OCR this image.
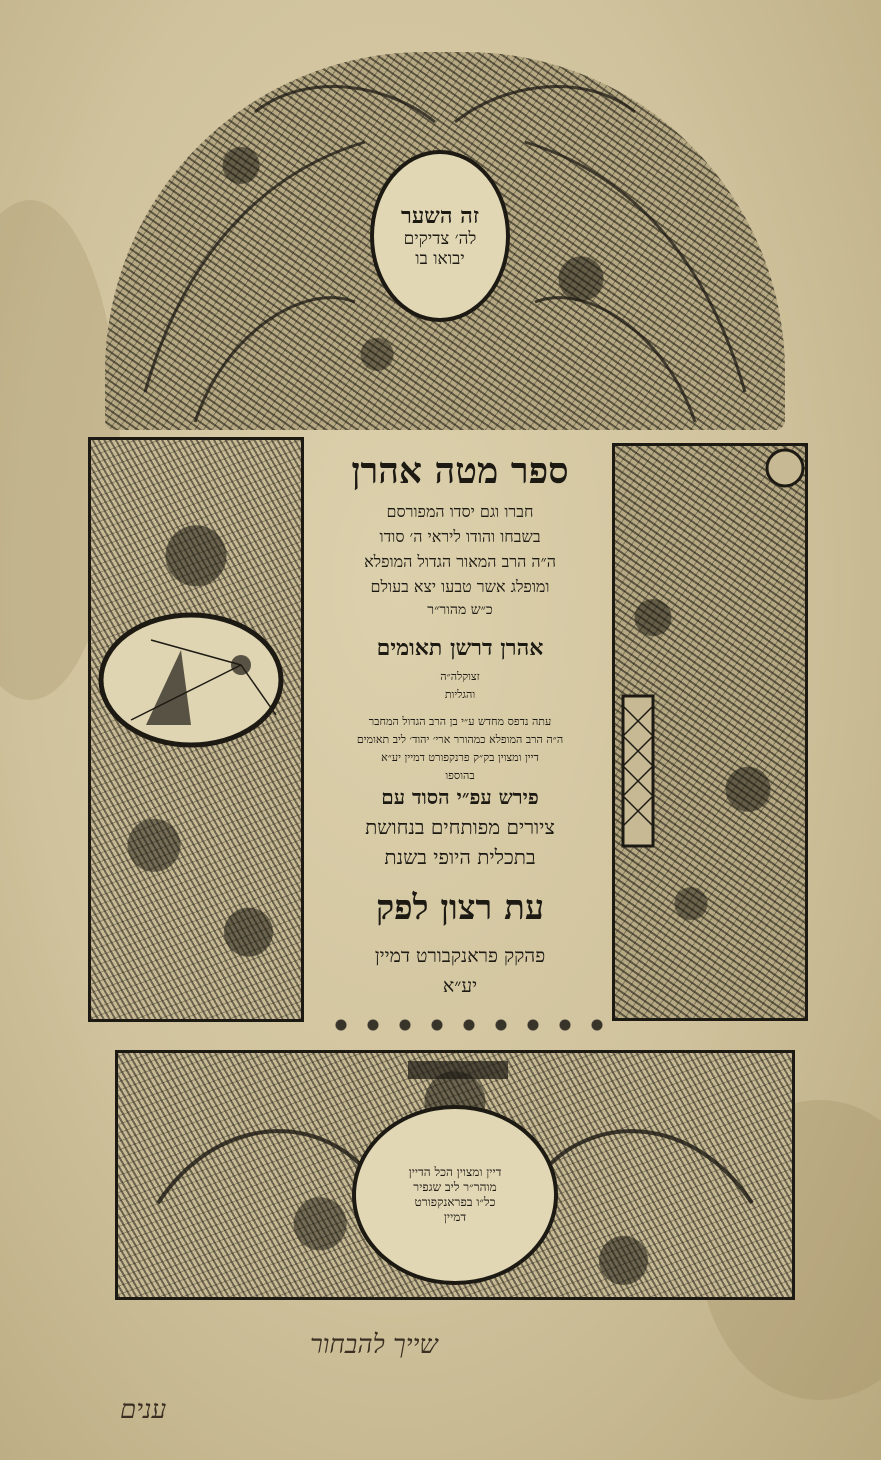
זה השער
לה׳ צדיקים
יבואו בו
ספר מטה אהרן
חברו וגם יסדו המפורסם
בשבחו והודו ליראי ה׳ סודו
ה״ה הרב המאור הגדול המופלא
ומופלג אשר טבעו יצא בעולם
כ״ש מהור״ר
אהרן דרשן תאומים
זצוקלה״ה
והגליות
עתה נדפס מחדש ע״י בן הרב הגדול המחבר
ה״ה הרב המופלא כמהורר ארי׳ יהוד׳ ליב תאומים
דיין ומצוין בק״ק פרנקפורט דמיין יע״א
בהוספו
פירש עפ״י הסוד עם
ציורים מפותחים בנחושת
בתכלית היופי בשנת
עת רצון לפק
פהקק פראנקבורט דמיין
יע״א
דיין ומצוין הכל הדיין
מוהר״ר ליב שגפיר
כל״ו בפראנקפורט
דמיין
שייך להבחור
ענים
